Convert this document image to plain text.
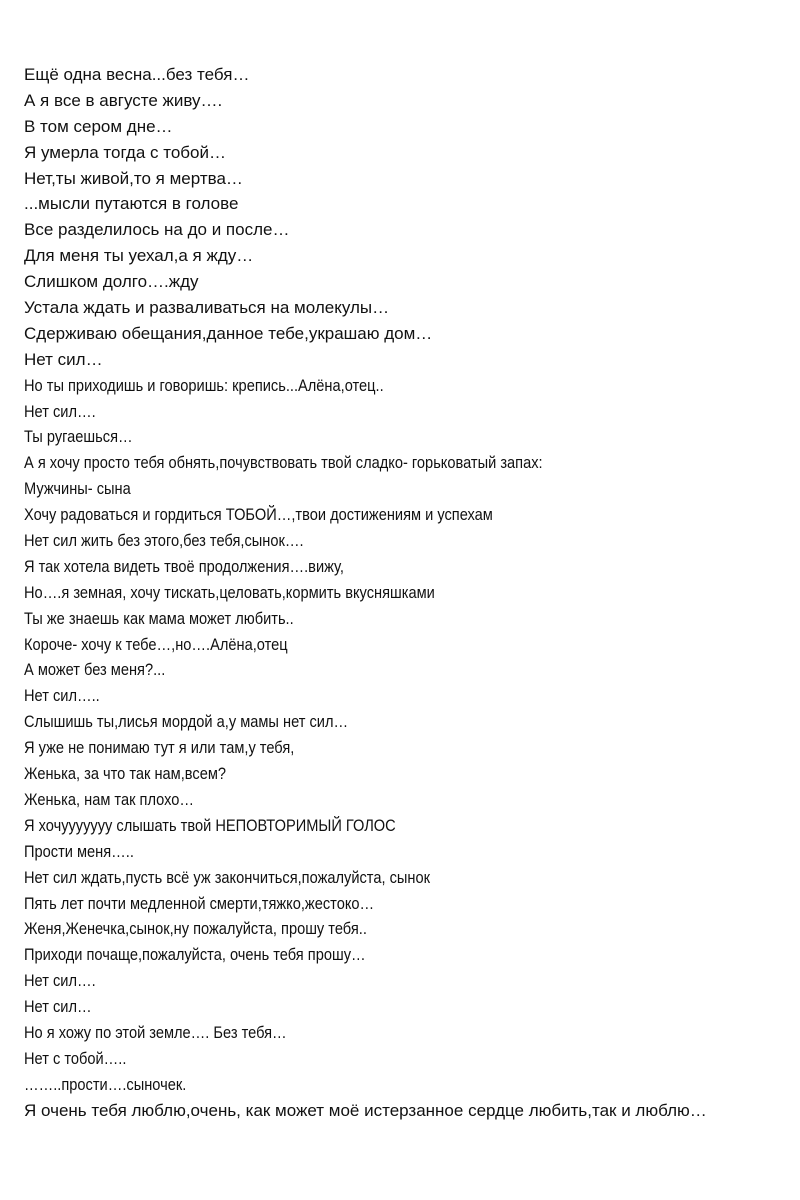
Ещё одна весна...без тебя…
А я все в августе живу….
В том сером дне…
Я умерла тогда с тобой…
Нет,ты живой,то я мертва…
...мысли путаются в голове
Все разделилось на до и после…
Для меня ты уехал,а я жду…
Слишком долго….жду
Устала ждать и разваливаться на молекулы…
Сдерживаю обещания,данное тебе,украшаю дом…
Нет сил…
Но ты приходишь и говоришь: крепись...Алёна,отец..
Нет сил….
Ты ругаешься…
А я хочу просто тебя обнять,почувствовать твой сладко- горьковатый запах:
Мужчины- сына
Хочу радоваться и гордиться ТОБОЙ…,твои достижениям и успехам
Нет сил жить без этого,без тебя,сынок….
Я так хотела видеть твоё продолжения….вижу,
Но….я земная, хочу тискать,целовать,кормить вкусняшками
Ты же знаешь как мама может любить..
Короче- хочу к тебе…,но….Алёна,отец
А может без меня?...
Нет сил…..
Слышишь ты,лисья мордой а,у мамы нет сил…
Я уже не понимаю тут я или там,у тебя,
Женька, за что так нам,всем?
Женька, нам так плохо…
Я хочууууууу слышать твой НЕПОВТОРИМЫЙ ГОЛОС
Прости меня…..
Нет сил ждать,пусть всё уж закончиться,пожалуйста, сынок
Пять лет почти медленной смерти,тяжко,жестоко…
Женя,Женечка,сынок,ну пожалуйста, прошу тебя..
Приходи почаще,пожалуйста, очень тебя прошу…
Нет сил….
Нет сил…
Но я хожу по этой земле…. Без тебя…
Нет с тобой…..
……..прости….сыночек.
Я очень тебя люблю,очень, как может моё истерзанное сердце любить,так и люблю…
